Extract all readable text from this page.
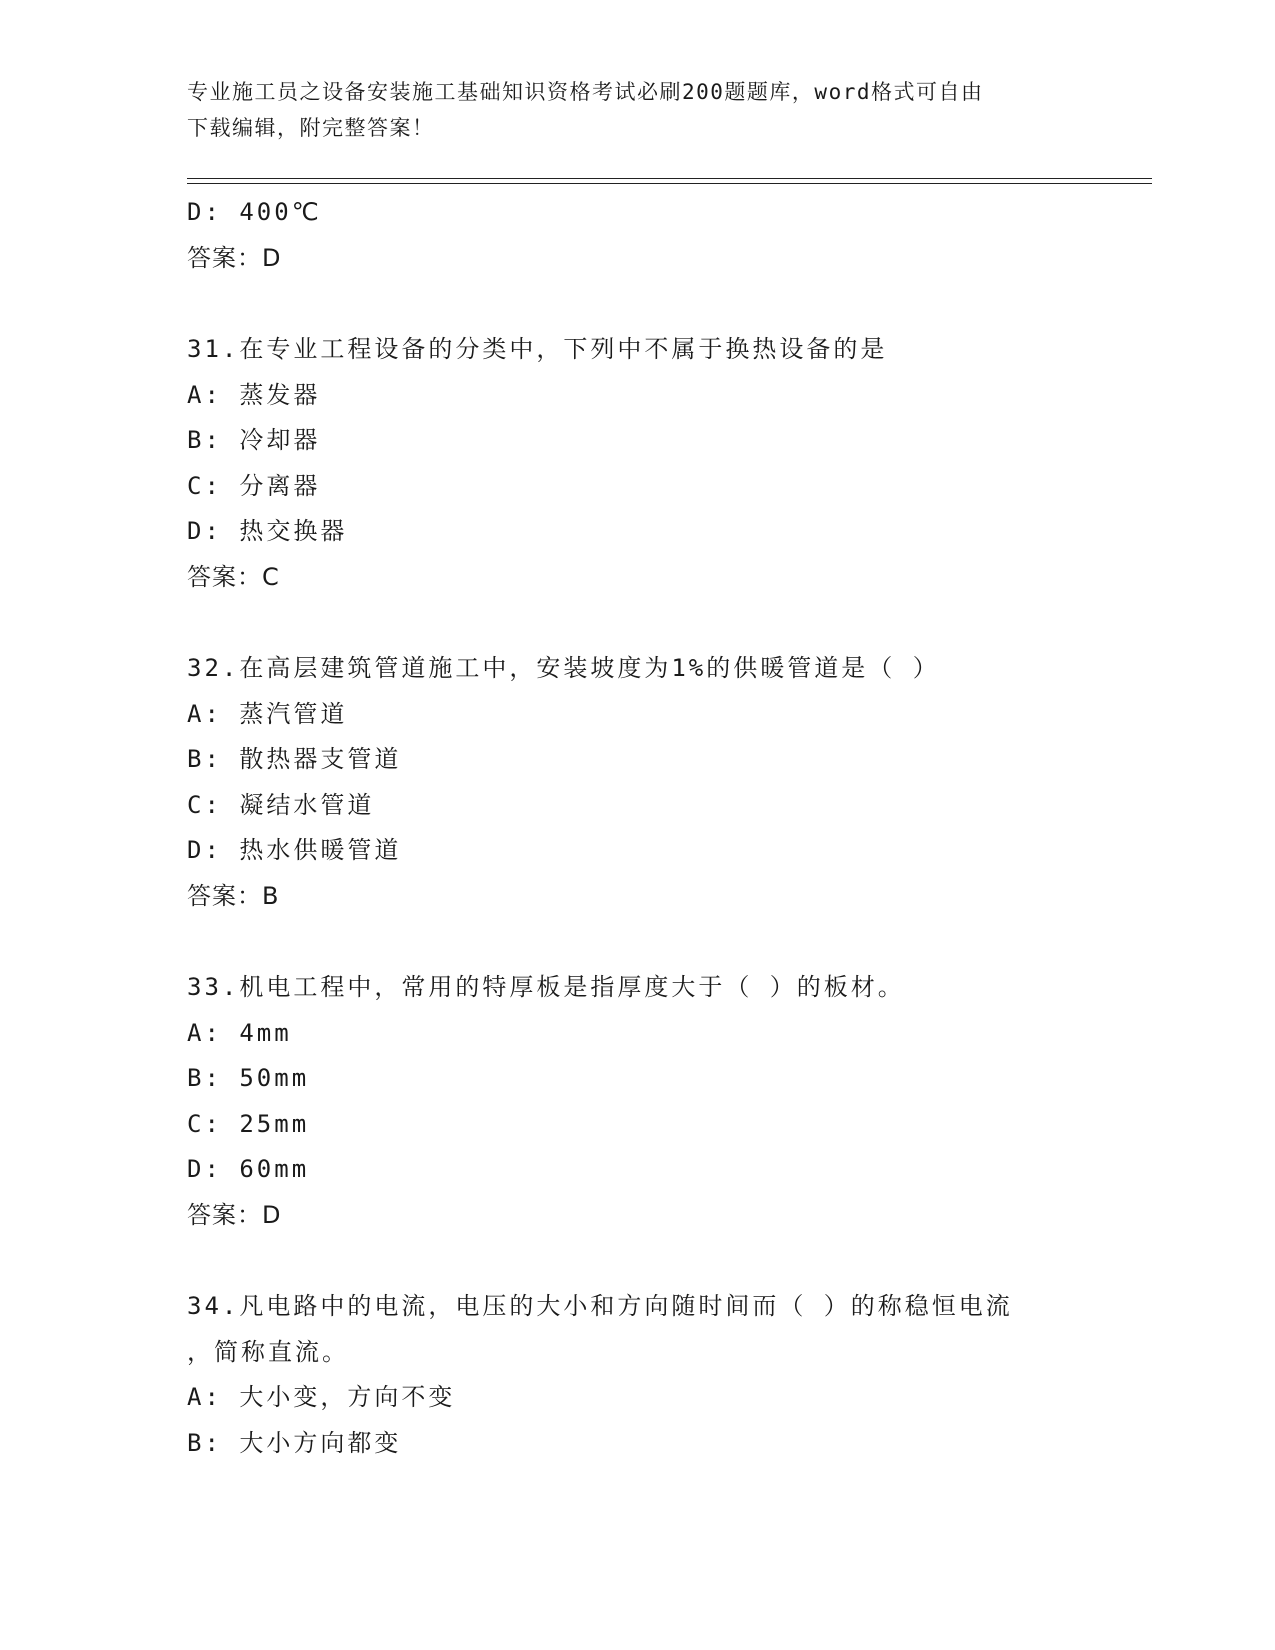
专业施工员之设备安装施工基础知识资格考试必刷200题题库，word格式可自由
下载编辑，附完整答案！
D: 400℃
答案：D
31.在专业工程设备的分类中，下列中不属于换热设备的是
A: 蒸发器
B: 冷却器
C: 分离器
D: 热交换器
答案：C
32.在高层建筑管道施工中，安装坡度为1%的供暖管道是（ ）
A: 蒸汽管道
B: 散热器支管道
C: 凝结水管道
D: 热水供暖管道
答案：B
33.机电工程中，常用的特厚板是指厚度大于（ ）的板材。
A: 4mm
B: 50mm
C: 25mm
D: 60mm
答案：D
34.凡电路中的电流，电压的大小和方向随时间而（ ）的称稳恒电流
，简称直流。
A: 大小变，方向不变
B: 大小方向都变
